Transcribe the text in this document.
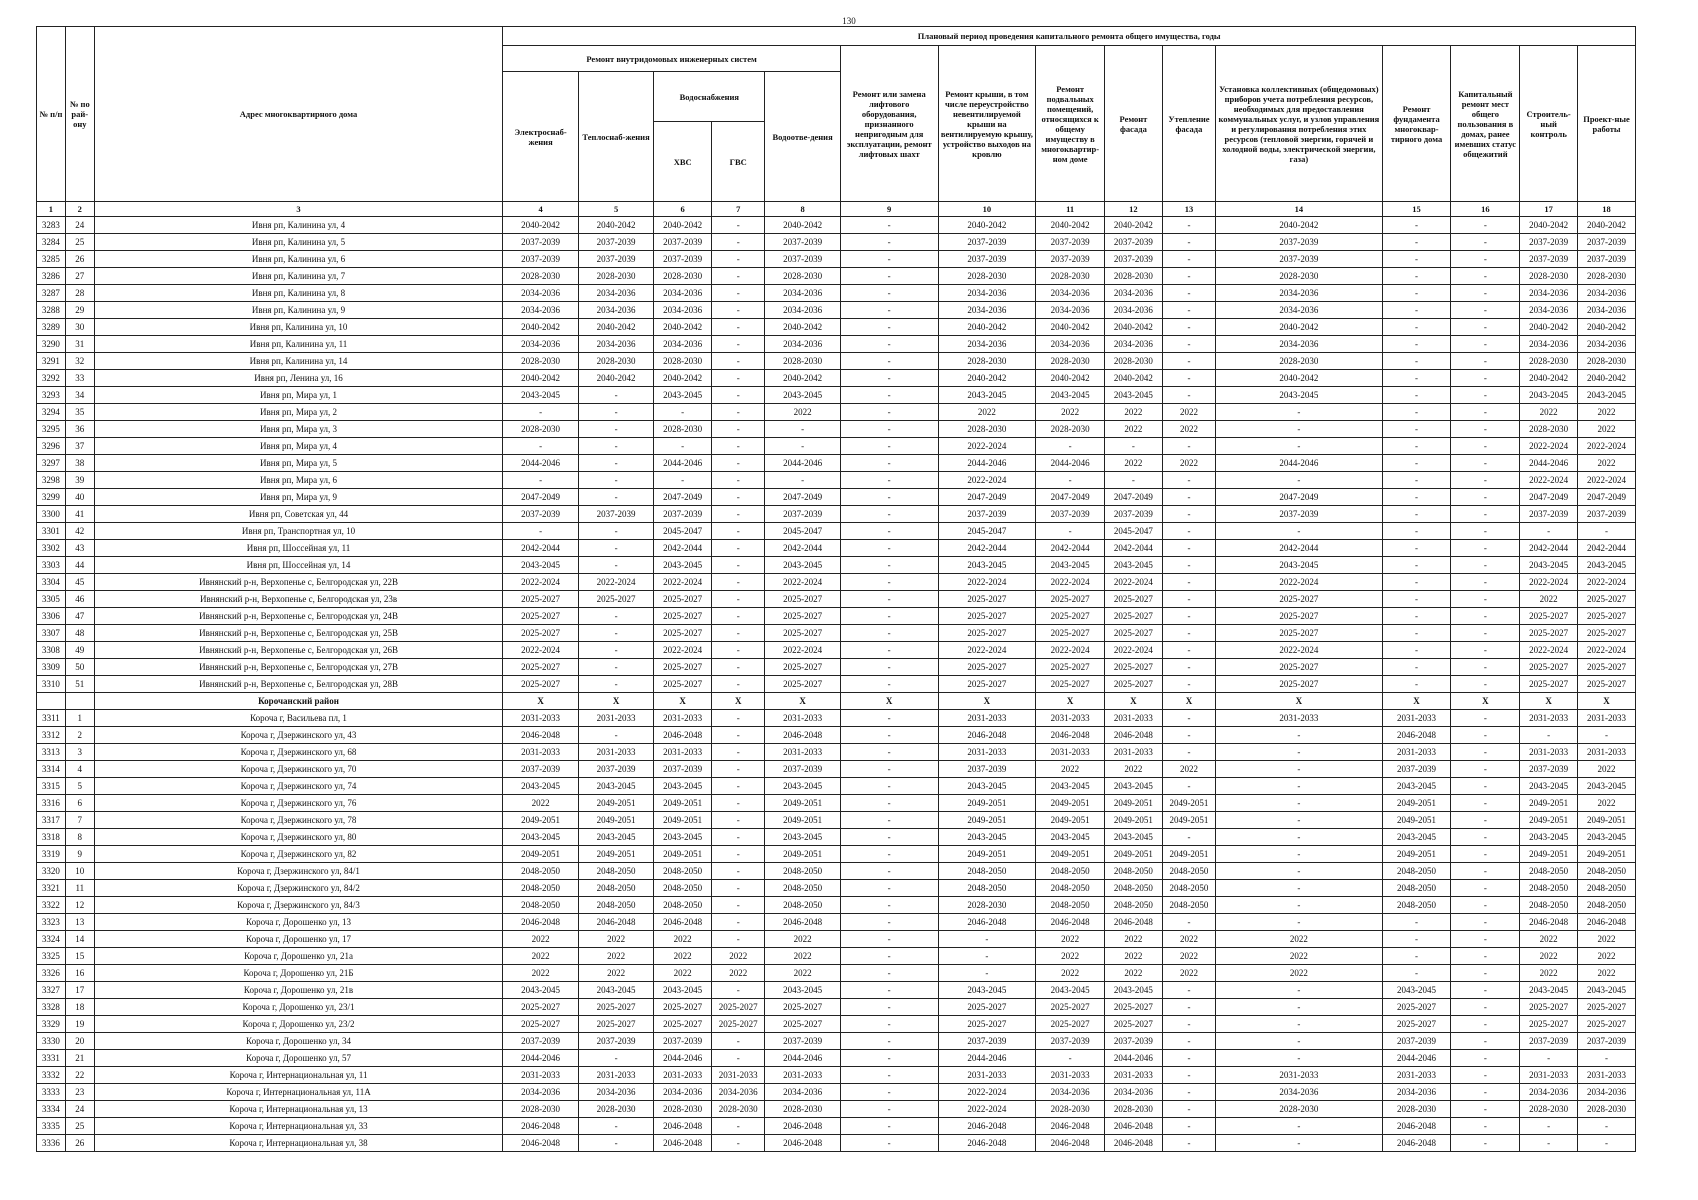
130
№ п/п	№ по рай-ону	Адрес многоквартирного дома	Плановый период проведения капитального ремонта общего имущества, годы														
			Ремонт внутридомовых инженерных систем					Ремонт или замена лифтового оборудования, признанного непригодным для эксплуатации, ремонт лифтовых шахт	Ремонт крыши, в том числе переустройство невентилируемой крыши на вентилируемую крышу, устройство выходов на кровлю	Ремонт подвальных помещений, относящихся к общему имуществу в многоквартир-ном доме	Ремонт фасада	Утепление фасада	Установка коллективных (общедомовых) приборов учета потребления ресурсов, необходимых для предоставления коммунальных услуг, и узлов управления и регулирования потребления этих ресурсов (тепловой энергии, горячей и холодной воды, электрической энергии, газа)	Ремонт фундамента многоквар-тирного дома	Капитальный ремонт мест общего пользования в домах, ранее имевших статус общежитий	Строитель-ный контроль	Проект-ные работы
			Электроснаб-жения	Теплоснаб-жения	Водоснабжения		Водоотве-дения										
					ХВС	ГВС											
1	2	3	4	5	6	7	8	9	10	11	12	13	14	15	16	17	18
3283	24	Ивня рп, Калинина ул, 4	2040-2042	2040-2042	2040-2042	-	2040-2042	-	2040-2042	2040-2042	2040-2042	-	2040-2042	-	-	2040-2042	2040-2042
3284	25	Ивня рп, Калинина ул, 5	2037-2039	2037-2039	2037-2039	-	2037-2039	-	2037-2039	2037-2039	2037-2039	-	2037-2039	-	-	2037-2039	2037-2039
3285	26	Ивня рп, Калинина ул, 6	2037-2039	2037-2039	2037-2039	-	2037-2039	-	2037-2039	2037-2039	2037-2039	-	2037-2039	-	-	2037-2039	2037-2039
3286	27	Ивня рп, Калинина ул, 7	2028-2030	2028-2030	2028-2030	-	2028-2030	-	2028-2030	2028-2030	2028-2030	-	2028-2030	-	-	2028-2030	2028-2030
3287	28	Ивня рп, Калинина ул, 8	2034-2036	2034-2036	2034-2036	-	2034-2036	-	2034-2036	2034-2036	2034-2036	-	2034-2036	-	-	2034-2036	2034-2036
3288	29	Ивня рп, Калинина ул, 9	2034-2036	2034-2036	2034-2036	-	2034-2036	-	2034-2036	2034-2036	2034-2036	-	2034-2036	-	-	2034-2036	2034-2036
3289	30	Ивня рп, Калинина ул, 10	2040-2042	2040-2042	2040-2042	-	2040-2042	-	2040-2042	2040-2042	2040-2042	-	2040-2042	-	-	2040-2042	2040-2042
3290	31	Ивня рп, Калинина ул, 11	2034-2036	2034-2036	2034-2036	-	2034-2036	-	2034-2036	2034-2036	2034-2036	-	2034-2036	-	-	2034-2036	2034-2036
3291	32	Ивня рп, Калинина ул, 14	2028-2030	2028-2030	2028-2030	-	2028-2030	-	2028-2030	2028-2030	2028-2030	-	2028-2030	-	-	2028-2030	2028-2030
3292	33	Ивня рп, Ленина ул, 16	2040-2042	2040-2042	2040-2042	-	2040-2042	-	2040-2042	2040-2042	2040-2042	-	2040-2042	-	-	2040-2042	2040-2042
3293	34	Ивня рп, Мира ул, 1	2043-2045	-	2043-2045	-	2043-2045	-	2043-2045	2043-2045	2043-2045	-	2043-2045	-	-	2043-2045	2043-2045
3294	35	Ивня рп, Мира ул, 2	-	-	-	-	2022	-	2022	2022	2022	2022	-	-	-	2022	2022
3295	36	Ивня рп, Мира ул, 3	2028-2030	-	2028-2030	-	-	-	2028-2030	2028-2030	2022	2022	-	-	-	2028-2030	2022
3296	37	Ивня рп, Мира ул, 4	-	-	-	-	-	-	2022-2024	-	-	-	-	-	-	2022-2024	2022-2024
3297	38	Ивня рп, Мира ул, 5	2044-2046	-	2044-2046	-	2044-2046	-	2044-2046	2044-2046	2022	2022	2044-2046	-	-	2044-2046	2022
3298	39	Ивня рп, Мира ул, 6	-	-	-	-	-	-	2022-2024	-	-	-	-	-	-	2022-2024	2022-2024
3299	40	Ивня рп, Мира ул, 9	2047-2049	-	2047-2049	-	2047-2049	-	2047-2049	2047-2049	2047-2049	-	2047-2049	-	-	2047-2049	2047-2049
3300	41	Ивня рп, Советская ул, 44	2037-2039	2037-2039	2037-2039	-	2037-2039	-	2037-2039	2037-2039	2037-2039	-	2037-2039	-	-	2037-2039	2037-2039
3301	42	Ивня рп, Транспортная ул, 10	-	-	2045-2047	-	2045-2047	-	2045-2047	-	2045-2047	-	-	-	-	-	-
3302	43	Ивня рп, Шоссейная ул, 11	2042-2044	-	2042-2044	-	2042-2044	-	2042-2044	2042-2044	2042-2044	-	2042-2044	-	-	2042-2044	2042-2044
3303	44	Ивня рп, Шоссейная ул, 14	2043-2045	-	2043-2045	-	2043-2045	-	2043-2045	2043-2045	2043-2045	-	2043-2045	-	-	2043-2045	2043-2045
3304	45	Ивнянский р-н, Верхопенье с, Белгородская ул, 22В	2022-2024	2022-2024	2022-2024	-	2022-2024	-	2022-2024	2022-2024	2022-2024	-	2022-2024	-	-	2022-2024	2022-2024
3305	46	Ивнянский р-н, Верхопенье с, Белгородская ул, 23в	2025-2027	2025-2027	2025-2027	-	2025-2027	-	2025-2027	2025-2027	2025-2027	-	2025-2027	-	-	2022	2025-2027
3306	47	Ивнянский р-н, Верхопенье с, Белгородская ул, 24В	2025-2027	-	2025-2027	-	2025-2027	-	2025-2027	2025-2027	2025-2027	-	2025-2027	-	-	2025-2027	2025-2027
3307	48	Ивнянский р-н, Верхопенье с, Белгородская ул, 25В	2025-2027	-	2025-2027	-	2025-2027	-	2025-2027	2025-2027	2025-2027	-	2025-2027	-	-	2025-2027	2025-2027
3308	49	Ивнянский р-н, Верхопенье с, Белгородская ул, 26В	2022-2024	-	2022-2024	-	2022-2024	-	2022-2024	2022-2024	2022-2024	-	2022-2024	-	-	2022-2024	2022-2024
3309	50	Ивнянский р-н, Верхопенье с, Белгородская ул, 27В	2025-2027	-	2025-2027	-	2025-2027	-	2025-2027	2025-2027	2025-2027	-	2025-2027	-	-	2025-2027	2025-2027
3310	51	Ивнянский р-н, Верхопенье с, Белгородская ул, 28В	2025-2027	-	2025-2027	-	2025-2027	-	2025-2027	2025-2027	2025-2027	-	2025-2027	-	-	2025-2027	2025-2027
		Корочанский район	X	X	X	X	X	X	X	X	X	X	X	X	X	X	X
3311	1	Короча г, Васильева пл, 1	2031-2033	2031-2033	2031-2033	-	2031-2033	-	2031-2033	2031-2033	2031-2033	-	2031-2033	2031-2033	-	2031-2033	2031-2033
3312	2	Короча г, Дзержинского ул, 43	2046-2048	-	2046-2048	-	2046-2048	-	2046-2048	2046-2048	2046-2048	-	-	2046-2048	-	-	-
3313	3	Короча г, Дзержинского ул, 68	2031-2033	2031-2033	2031-2033	-	2031-2033	-	2031-2033	2031-2033	2031-2033	-	-	2031-2033	-	2031-2033	2031-2033
3314	4	Короча г, Дзержинского ул, 70	2037-2039	2037-2039	2037-2039	-	2037-2039	-	2037-2039	2022	2022	2022	-	2037-2039	-	2037-2039	2022
3315	5	Короча г, Дзержинского ул, 74	2043-2045	2043-2045	2043-2045	-	2043-2045	-	2043-2045	2043-2045	2043-2045	-	-	2043-2045	-	2043-2045	2043-2045
3316	6	Короча г, Дзержинского ул, 76	2022	2049-2051	2049-2051	-	2049-2051	-	2049-2051	2049-2051	2049-2051	2049-2051	-	2049-2051	-	2049-2051	2022
3317	7	Короча г, Дзержинского ул, 78	2049-2051	2049-2051	2049-2051	-	2049-2051	-	2049-2051	2049-2051	2049-2051	2049-2051	-	2049-2051	-	2049-2051	2049-2051
3318	8	Короча г, Дзержинского ул, 80	2043-2045	2043-2045	2043-2045	-	2043-2045	-	2043-2045	2043-2045	2043-2045	-	-	2043-2045	-	2043-2045	2043-2045
3319	9	Короча г, Дзержинского ул, 82	2049-2051	2049-2051	2049-2051	-	2049-2051	-	2049-2051	2049-2051	2049-2051	2049-2051	-	2049-2051	-	2049-2051	2049-2051
3320	10	Короча г, Дзержинского ул, 84/1	2048-2050	2048-2050	2048-2050	-	2048-2050	-	2048-2050	2048-2050	2048-2050	2048-2050	-	2048-2050	-	2048-2050	2048-2050
3321	11	Короча г, Дзержинского ул, 84/2	2048-2050	2048-2050	2048-2050	-	2048-2050	-	2048-2050	2048-2050	2048-2050	2048-2050	-	2048-2050	-	2048-2050	2048-2050
3322	12	Короча г, Дзержинского ул, 84/3	2048-2050	2048-2050	2048-2050	-	2048-2050	-	2028-2030	2048-2050	2048-2050	2048-2050	-	2048-2050	-	2048-2050	2048-2050
3323	13	Короча г, Дорошенко ул, 13	2046-2048	2046-2048	2046-2048	-	2046-2048	-	2046-2048	2046-2048	2046-2048	-	-	-	-	2046-2048	2046-2048
3324	14	Короча г, Дорошенко ул, 17	2022	2022	2022	-	2022	-	-	2022	2022	2022	2022	-	-	2022	2022
3325	15	Короча г, Дорошенко ул, 21а	2022	2022	2022	2022	2022	-	-	2022	2022	2022	2022	-	-	2022	2022
3326	16	Короча г, Дорошенко ул, 21Б	2022	2022	2022	2022	2022	-	-	2022	2022	2022	2022	-	-	2022	2022
3327	17	Короча г, Дорошенко ул, 21в	2043-2045	2043-2045	2043-2045	-	2043-2045	-	2043-2045	2043-2045	2043-2045	-	-	2043-2045	-	2043-2045	2043-2045
3328	18	Короча г, Дорошенко ул, 23/1	2025-2027	2025-2027	2025-2027	2025-2027	2025-2027	-	2025-2027	2025-2027	2025-2027	-	-	2025-2027	-	2025-2027	2025-2027
3329	19	Короча г, Дорошенко ул, 23/2	2025-2027	2025-2027	2025-2027	2025-2027	2025-2027	-	2025-2027	2025-2027	2025-2027	-	-	2025-2027	-	2025-2027	2025-2027
3330	20	Короча г, Дорошенко ул, 34	2037-2039	2037-2039	2037-2039	-	2037-2039	-	2037-2039	2037-2039	2037-2039	-	-	2037-2039	-	2037-2039	2037-2039
3331	21	Короча г, Дорошенко ул, 57	2044-2046	-	2044-2046	-	2044-2046	-	2044-2046	-	2044-2046	-	-	2044-2046	-	-	-
3332	22	Короча г, Интернациональная ул, 11	2031-2033	2031-2033	2031-2033	2031-2033	2031-2033	-	2031-2033	2031-2033	2031-2033	-	2031-2033	2031-2033	-	2031-2033	2031-2033
3333	23	Короча г, Интернациональная ул, 11А	2034-2036	2034-2036	2034-2036	2034-2036	2034-2036	-	2022-2024	2034-2036	2034-2036	-	2034-2036	2034-2036	-	2034-2036	2034-2036
3334	24	Короча г, Интернациональная ул, 13	2028-2030	2028-2030	2028-2030	2028-2030	2028-2030	-	2022-2024	2028-2030	2028-2030	-	2028-2030	2028-2030	-	2028-2030	2028-2030
3335	25	Короча г, Интернациональная ул, 33	2046-2048	-	2046-2048	-	2046-2048	-	2046-2048	2046-2048	2046-2048	-	-	2046-2048	-	-	-
3336	26	Короча г, Интернациональная ул, 38	2046-2048	-	2046-2048	-	2046-2048	-	2046-2048	2046-2048	2046-2048	-	-	2046-2048	-	-	-
